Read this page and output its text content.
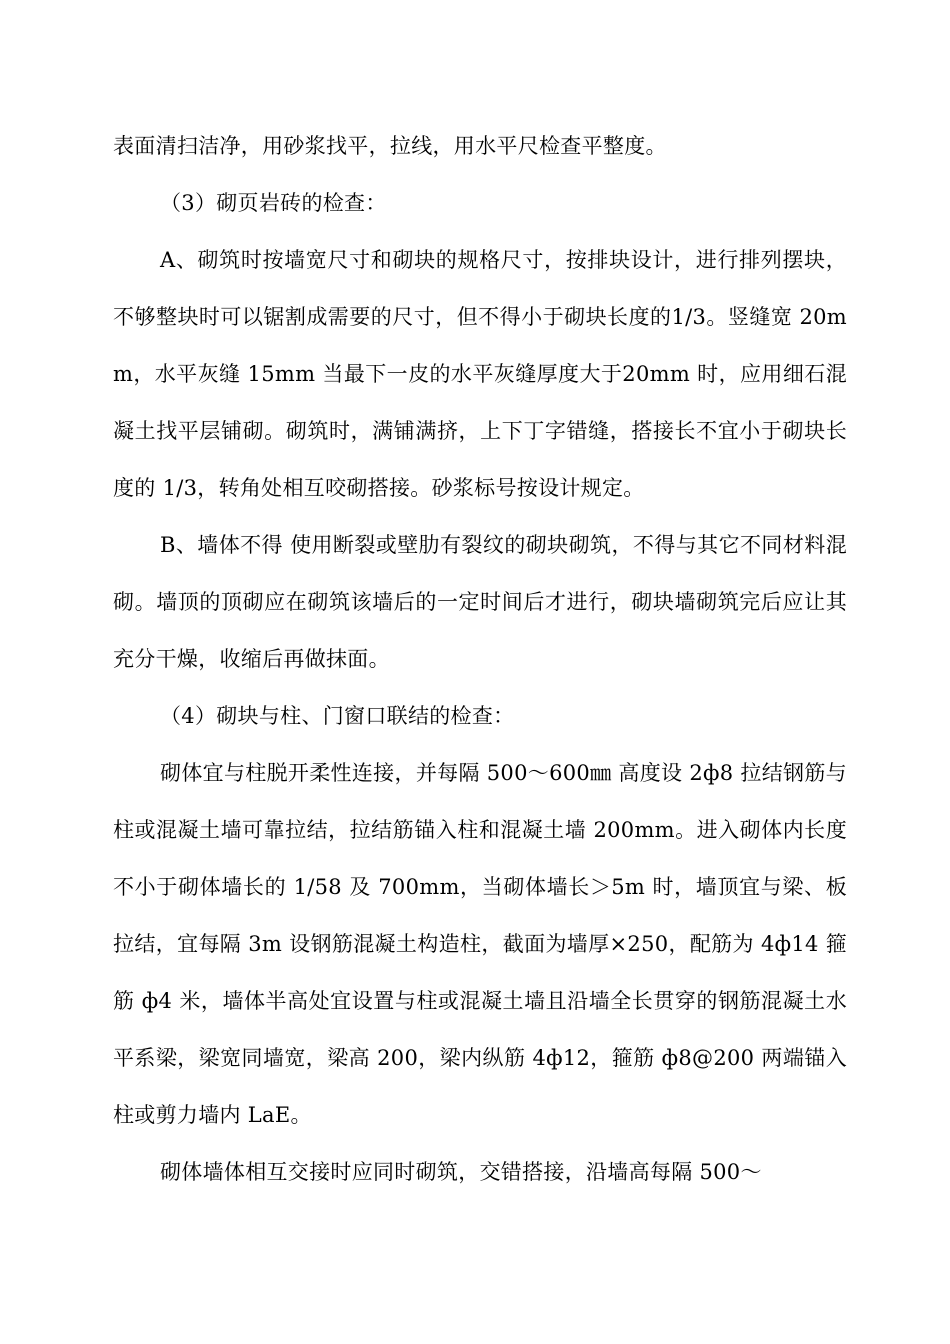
表面清扫洁净，用砂浆找平，拉线，用水平尺检查平整度。

（3）砌页岩砖的检查：

A、砌筑时按墙宽尺寸和砌块的规格尺寸，按排块设计，进行排列摆块，不够整块时可以锯割成需要的尺寸，但不得小于砌块长度的1/3。竖缝宽 20mm，水平灰缝 15mm 当最下一皮的水平灰缝厚度大于20mm 时，应用细石混凝土找平层铺砌。砌筑时，满铺满挤，上下丁字错缝，搭接长不宜小于砌块长度的 1/3，转角处相互咬砌搭接。砂浆标号按设计规定。

B、墙体不得 使用断裂或壁肋有裂纹的砌块砌筑，不得与其它不同材料混砌。墙顶的顶砌应在砌筑该墙后的一定时间后才进行，砌块墙砌筑完后应让其充分干燥，收缩后再做抹面。

（4）砌块与柱、门窗口联结的检查：

砌体宜与柱脱开柔性连接，并每隔 500～600㎜ 高度设 2ф8 拉结钢筋与柱或混凝土墙可靠拉结，拉结筋锚入柱和混凝土墙 200mm。进入砌体内长度不小于砌体墙长的 1/58 及 700mm，当砌体墙长＞5m 时，墙顶宜与梁、板拉结，宜每隔 3m 设钢筋混凝土构造柱，截面为墙厚×250，配筋为 4ф14 箍筋 ф4 米，墙体半高处宜设置与柱或混凝土墙且沿墙全长贯穿的钢筋混凝土水平系梁，梁宽同墙宽，梁高 200，梁内纵筋 4ф12，箍筋 ф8@200 两端锚入柱或剪力墙内 LaE。

砌体墙体相互交接时应同时砌筑，交错搭接，沿墙高每隔 500～
